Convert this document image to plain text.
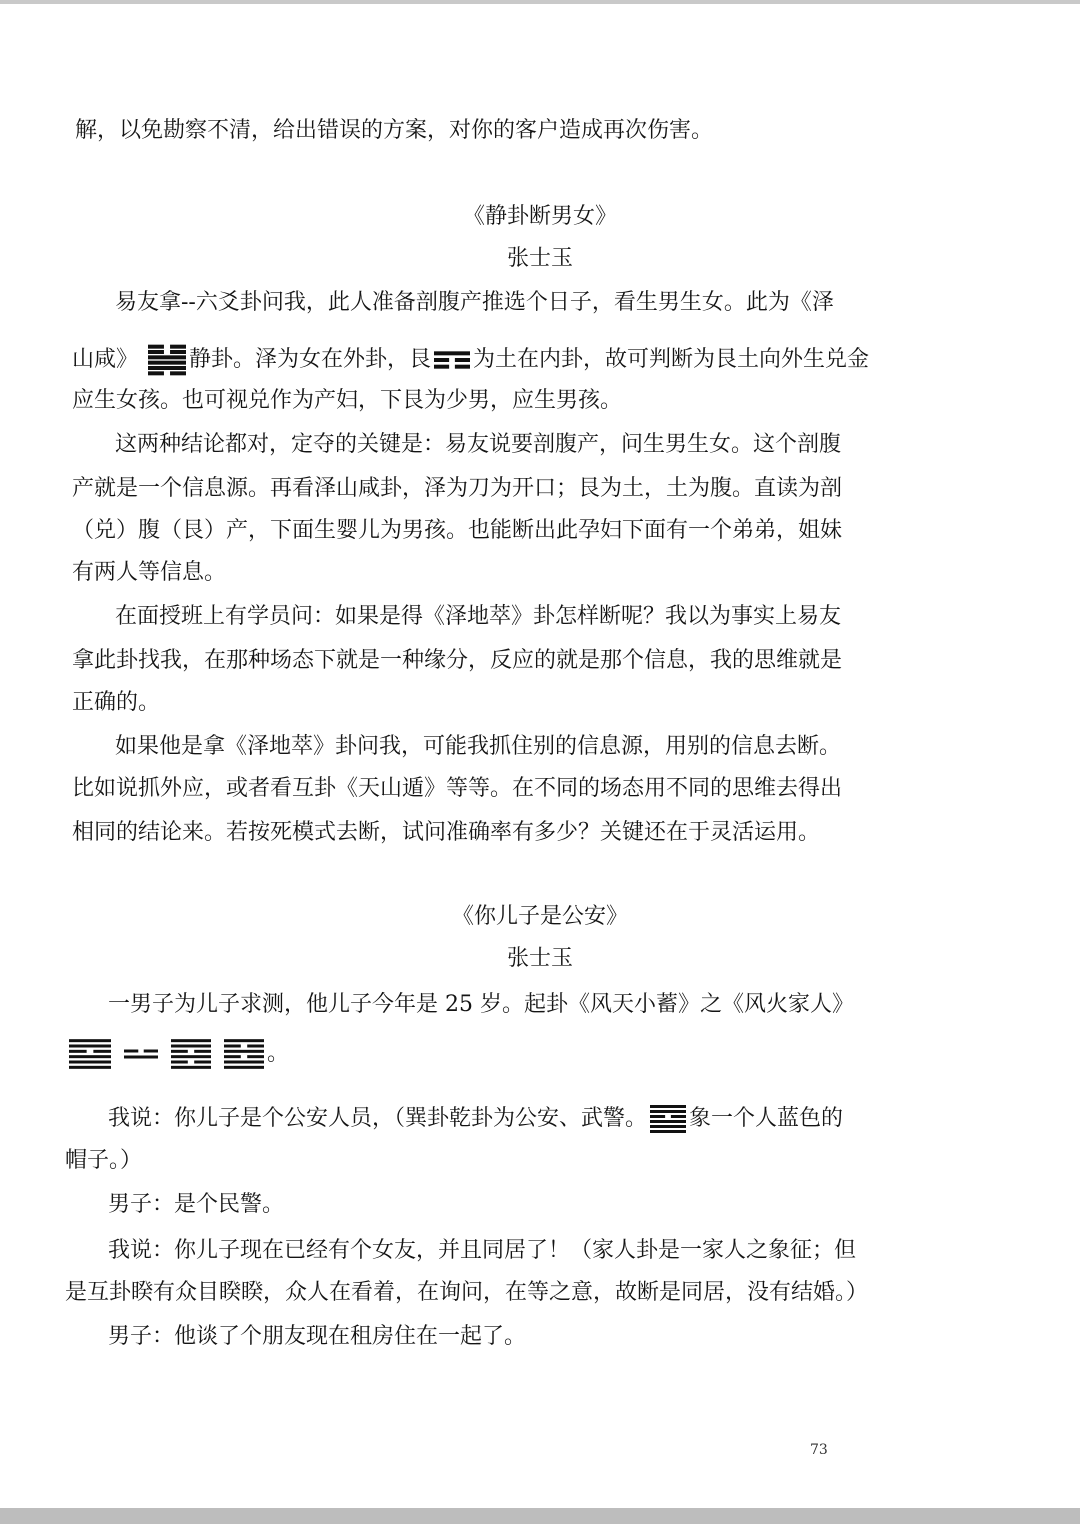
解，以免勘察不清，给出错误的方案，对你的客户造成再次伤害。
《静卦断男女》
张士玉
易友拿--六爻卦问我，此人准备剖腹产推选个日子，看生男生女。此为《泽
山咸》 静卦。泽为女在外卦，艮 为土在内卦，故可判断为艮土向外生兑金
应生女孩。也可视兑作为产妇，下艮为少男，应生男孩。
这两种结论都对，定夺的关键是：易友说要剖腹产，问生男生女。这个剖腹
产就是一个信息源。再看泽山咸卦，泽为刀为开口；艮为土，土为腹。直读为剖
（兑）腹（艮）产，下面生婴儿为男孩。也能断出此孕妇下面有一个弟弟，姐妹
有两人等信息。
在面授班上有学员问：如果是得《泽地萃》卦怎样断呢？我以为事实上易友
拿此卦找我，在那种场态下就是一种缘分，反应的就是那个信息，我的思维就是
正确的。
如果他是拿《泽地萃》卦问我，可能我抓住别的信息源，用别的信息去断。
比如说抓外应，或者看互卦《天山遁》等等。在不同的场态用不同的思维去得出
相同的结论来。若按死模式去断，试问准确率有多少？关键还在于灵活运用。
《你儿子是公安》
张士玉
一男子为儿子求测，他儿子今年是 25 岁。起卦《风天小蓄》之《风火家人》
。
我说：你儿子是个公安人员，（巽卦乾卦为公安、武警。 象一个人蓝色的
帽子。）
男子：是个民警。
我说：你儿子现在已经有个女友，并且同居了！（家人卦是一家人之象征；但
是互卦睽有众目睽睽，众人在看着，在询问，在等之意，故断是同居，没有结婚。）
男子：他谈了个朋友现在租房住在一起了。
73
